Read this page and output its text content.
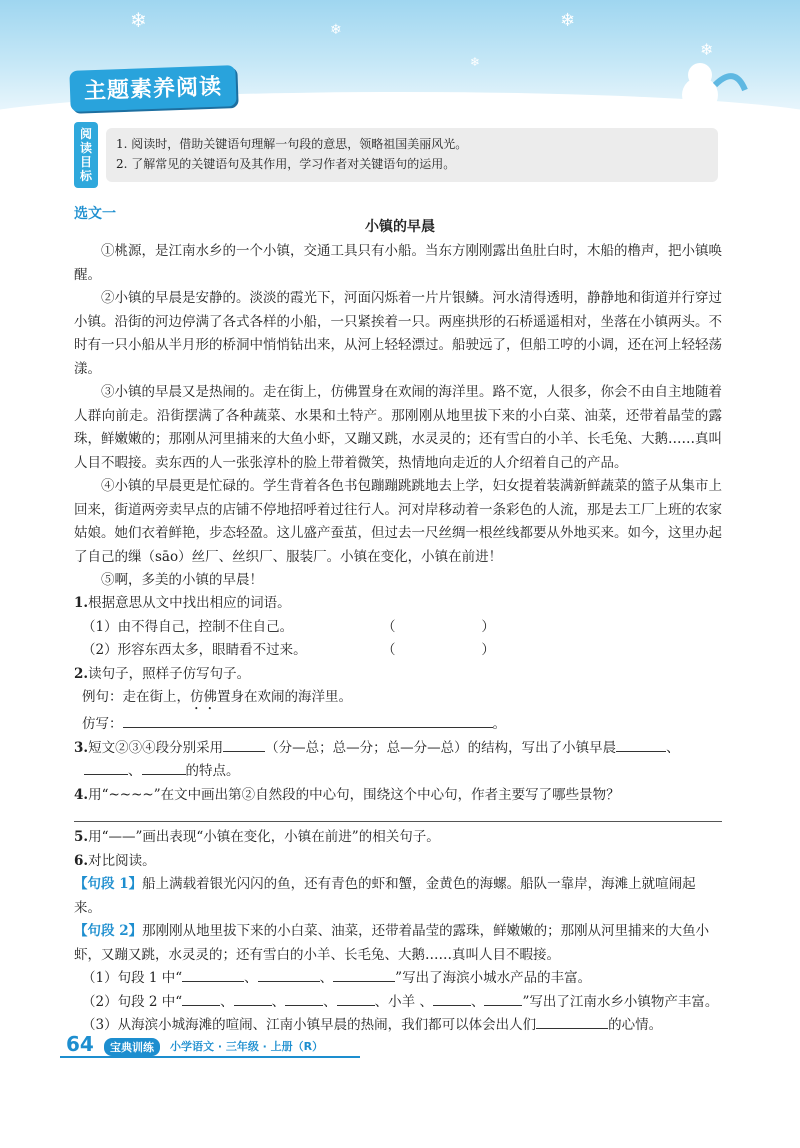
❄	❄	❄
❄
❄
主题素养阅读
阅
读
目
标
1. 阅读时，借助关键语句理解一句段的意思，领略祖国美丽风光。
2. 了解常见的关键语句及其作用，学习作者对关键语句的运用。
选文一
小镇的早晨

①桃源，是江南水乡的一个小镇，交通工具只有小船。当东方刚刚露出鱼肚白时，木船的橹声，把小镇唤醒。

②小镇的早晨是安静的。淡淡的霞光下，河面闪烁着一片片银鳞。河水清得透明，静静地和街道并行穿过小镇。沿街的河边停满了各式各样的小船，一只紧挨着一只。两座拱形的石桥遥遥相对，坐落在小镇两头。不时有一只小船从半月形的桥洞中悄悄钻出来，从河上轻轻漂过。船驶远了，但船工哼的小调，还在河上轻轻荡漾。

③小镇的早晨又是热闹的。走在街上，仿佛置身在欢闹的海洋里。路不宽，人很多，你会不由自主地随着人群向前走。沿街摆满了各种蔬菜、水果和土特产。那刚刚从地里拔下来的小白菜、油菜，还带着晶莹的露珠，鲜嫩嫩的；那刚从河里捕来的大鱼小虾，又蹦又跳，水灵灵的；还有雪白的小羊、长毛兔、大鹅……真叫人目不暇接。卖东西的人一张张淳朴的脸上带着微笑，热情地向走近的人介绍着自己的产品。

④小镇的早晨更是忙碌的。学生背着各色书包蹦蹦跳跳地去上学，妇女提着装满新鲜蔬菜的篮子从集市上回来，街道两旁卖早点的店铺不停地招呼着过往行人。河对岸移动着一条彩色的人流，那是去工厂上班的农家姑娘。她们衣着鲜艳，步态轻盈。这儿盛产蚕茧，但过去一尺丝绸一根丝线都要从外地买来。如今，这里办起了自己的缫（sāo）丝厂、丝织厂、服装厂。小镇在变化，小镇在前进！

⑤啊，多美的小镇的早晨！

1.根据意思从文中找出相应的词语。
（1）由不得自己，控制不住自己。	（                    ）
（2）形容东西太多，眼睛看不过来。	（                    ）
2.读句子，照样子仿写句子。
例句：走在街上，仿佛置身在欢闹的海洋里。
仿写：	。
3.短文②③④段分别采用	（分—总；总—分；总—分—总）的结构，写出了小镇早晨	、
、	的特点。
4.用“~~~~”在文中画出第②自然段的中心句，围绕这个中心句，作者主要写了哪些景物？
5.用“——”画出表现“小镇在变化，小镇在前进”的相关句子。
6.对比阅读。
【句段 1】船上满载着银光闪闪的鱼，还有青色的虾和蟹，金黄色的海螺。船队一靠岸，海滩上就喧闹起来。
【句段 2】那刚刚从地里拔下来的小白菜、油菜，还带着晶莹的露珠，鲜嫩嫩的；那刚从河里捕来的大鱼小虾，又蹦又跳，水灵灵的；还有雪白的小羊、长毛兔、大鹅……真叫人目不暇接。
（1）句段 1 中“	、	、	”写出了海滨小城水产品的丰富。
（2）句段 2 中“	、	、	、	、小羊 、	、	”写出了江南水乡小镇物产丰富。
（3）从海滨小城海滩的喧闹、江南小镇早晨的热闹，我们都可以体会出人们	的心情。
64	宝典训练	小学语文 · 三年级 · 上册（R）
